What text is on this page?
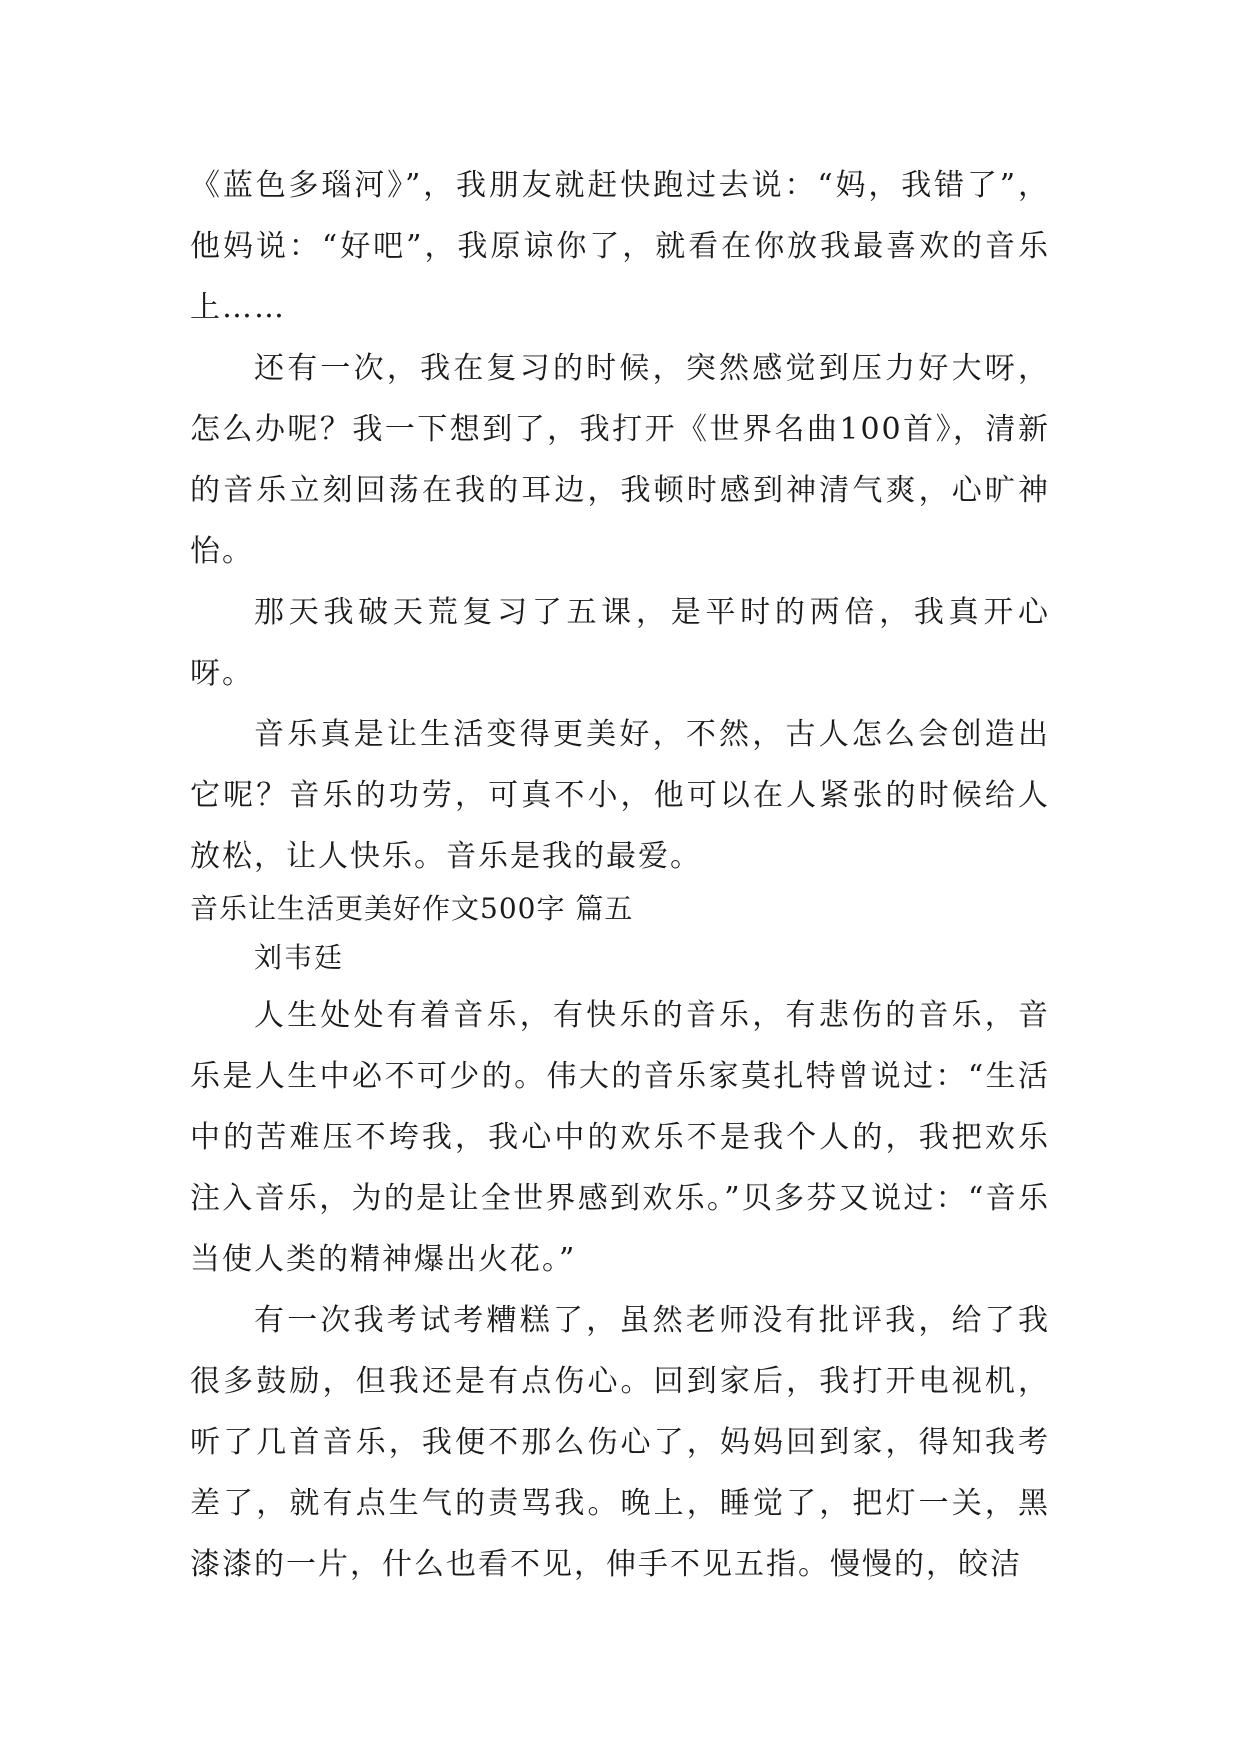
《蓝色多瑙河》”，我朋友就赶快跑过去说：“妈，我错了”，他妈说：“好吧”，我原谅你了，就看在你放我最喜欢的音乐上……

还有一次，我在复习的时候，突然感觉到压力好大呀，怎么办呢？我一下想到了，我打开《世界名曲100首》，清新的音乐立刻回荡在我的耳边，我顿时感到神清气爽，心旷神怡。

那天我破天荒复习了五课，是平时的两倍，我真开心呀。

音乐真是让生活变得更美好，不然，古人怎么会创造出它呢？音乐的功劳，可真不小，他可以在人紧张的时候给人放松，让人快乐。音乐是我的最爱。

音乐让生活更美好作文500字 篇五

刘韦廷

人生处处有着音乐，有快乐的音乐，有悲伤的音乐，音乐是人生中必不可少的。伟大的音乐家莫扎特曾说过：“生活中的苦难压不垮我，我心中的欢乐不是我个人的，我把欢乐注入音乐，为的是让全世界感到欢乐。”贝多芬又说过：“音乐当使人类的精神爆出火花。”

有一次我考试考糟糕了，虽然老师没有批评我，给了我很多鼓励，但我还是有点伤心。回到家后，我打开电视机，听了几首音乐，我便不那么伤心了，妈妈回到家，得知我考差了，就有点生气的责骂我。晚上，睡觉了，把灯一关，黑漆漆的一片，什么也看不见，伸手不见五指。慢慢的，皎洁
